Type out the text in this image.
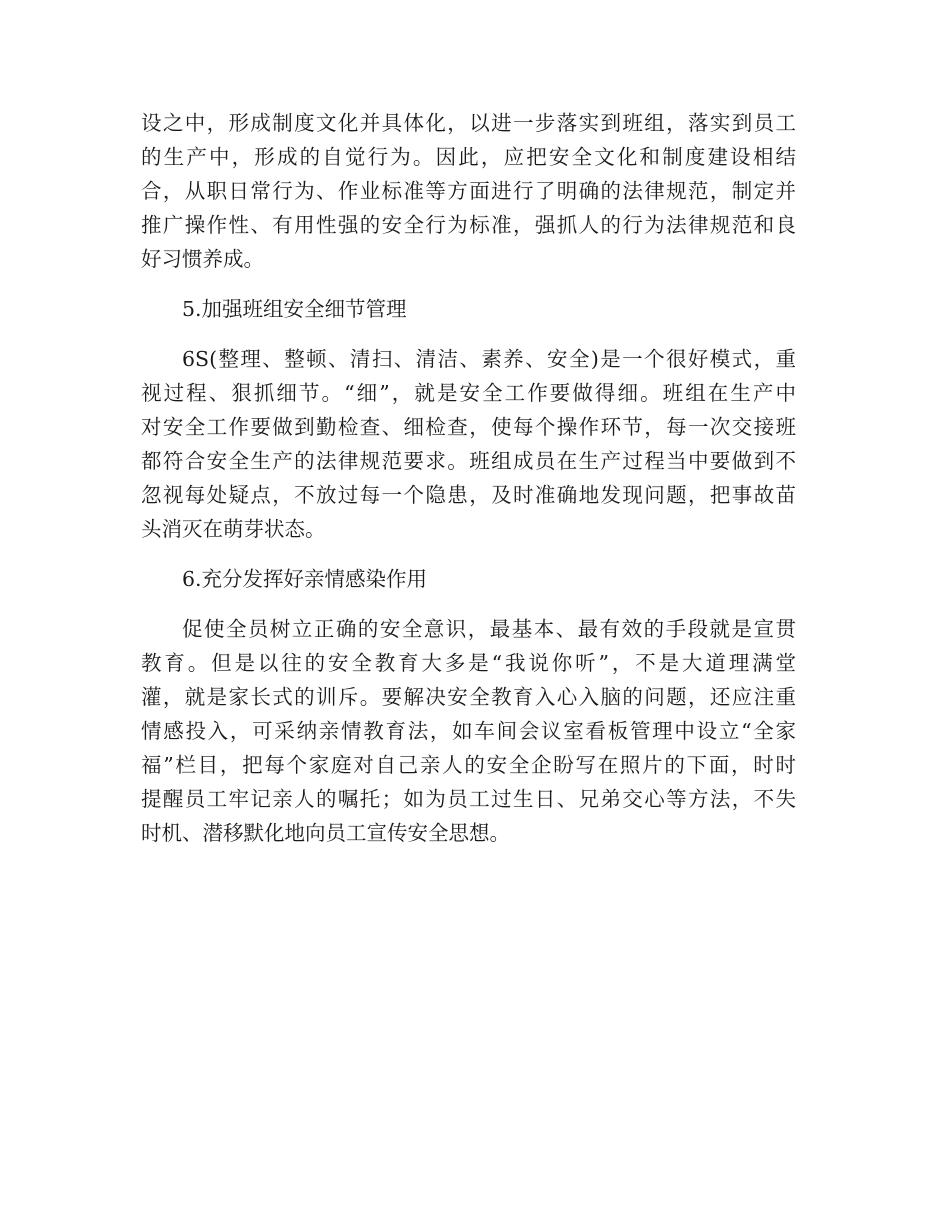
设之中，形成制度文化并具体化，以进一步落实到班组，落实到员工
的生产中，形成的自觉行为。因此，应把安全文化和制度建设相结
合，从职日常行为、作业标准等方面进行了明确的法律规范，制定并
推广操作性、有用性强的安全行为标准，强抓人的行为法律规范和良
好习惯养成。
5.加强班组安全细节管理
6S(整理、整顿、清扫、清洁、素养、安全)是一个很好模式，重
视过程、狠抓细节。“细”，就是安全工作要做得细。班组在生产中
对安全工作要做到勤检查、细检查，使每个操作环节，每一次交接班
都符合安全生产的法律规范要求。班组成员在生产过程当中要做到不
忽视每处疑点，不放过每一个隐患，及时准确地发现问题，把事故苗
头消灭在萌芽状态。
6.充分发挥好亲情感染作用
促使全员树立正确的安全意识，最基本、最有效的手段就是宣贯
教育。但是以往的安全教育大多是“我说你听”，不是大道理满堂
灌，就是家长式的训斥。要解决安全教育入心入脑的问题，还应注重
情感投入，可采纳亲情教育法，如车间会议室看板管理中设立“全家
福”栏目，把每个家庭对自己亲人的安全企盼写在照片的下面，时时
提醒员工牢记亲人的嘱托；如为员工过生日、兄弟交心等方法，不失
时机、潜移默化地向员工宣传安全思想。
